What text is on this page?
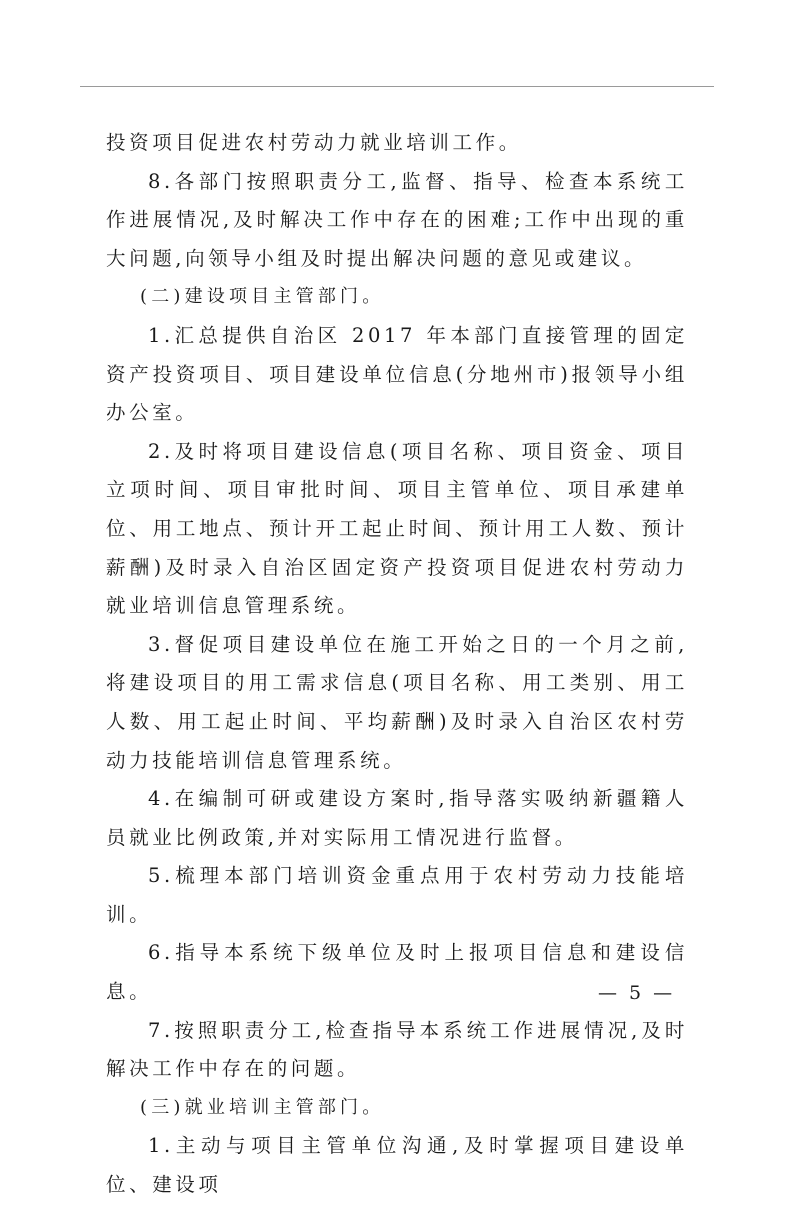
投资项目促进农村劳动力就业培训工作。

8.各部门按照职责分工,监督、指导、检查本系统工作进展情况,及时解决工作中存在的困难;工作中出现的重大问题,向领导小组及时提出解决问题的意见或建议。

(二)建设项目主管部门。

1.汇总提供自治区 2017 年本部门直接管理的固定资产投资项目、项目建设单位信息(分地州市)报领导小组办公室。

2.及时将项目建设信息(项目名称、项目资金、项目立项时间、项目审批时间、项目主管单位、项目承建单位、用工地点、预计开工起止时间、预计用工人数、预计薪酬)及时录入自治区固定资产投资项目促进农村劳动力就业培训信息管理系统。

3.督促项目建设单位在施工开始之日的一个月之前,将建设项目的用工需求信息(项目名称、用工类别、用工人数、用工起止时间、平均薪酬)及时录入自治区农村劳动力技能培训信息管理系统。

4.在编制可研或建设方案时,指导落实吸纳新疆籍人员就业比例政策,并对实际用工情况进行监督。

5.梳理本部门培训资金重点用于农村劳动力技能培训。

6.指导本系统下级单位及时上报项目信息和建设信息。

7.按照职责分工,检查指导本系统工作进展情况,及时解决工作中存在的问题。

(三)就业培训主管部门。

1.主动与项目主管单位沟通,及时掌握项目建设单位、建设项

— 5 —
